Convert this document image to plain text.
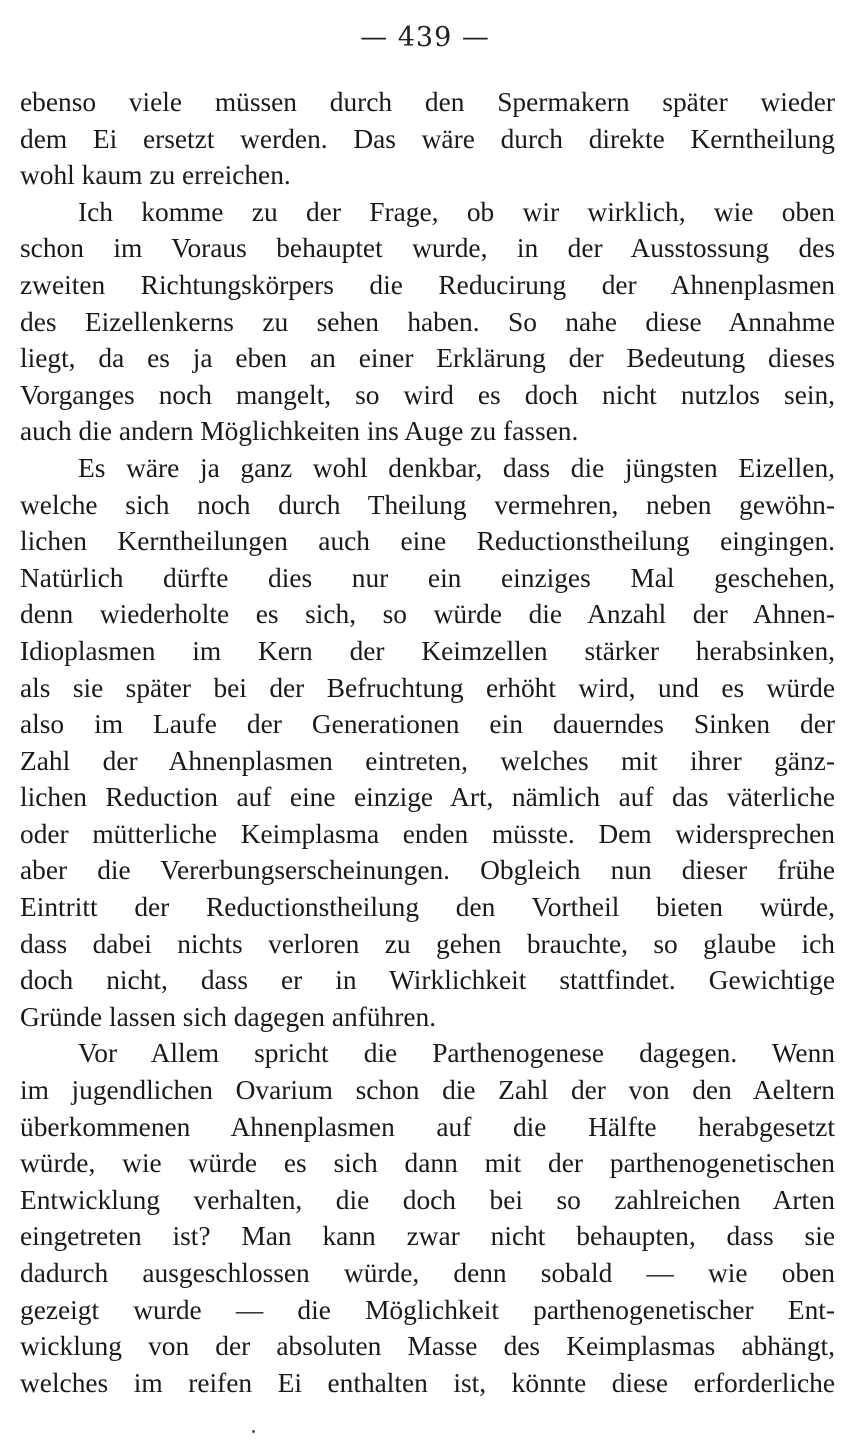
— 439 —
ebenso viele müssen durch den Spermakern später wieder
dem Ei ersetzt werden. Das wäre durch direkte Kerntheilung
wohl kaum zu erreichen.
Ich komme zu der Frage, ob wir wirklich, wie oben
schon im Voraus behauptet wurde, in der Ausstossung des
zweiten Richtungskörpers die Reducirung der Ahnenplasmen
des Eizellenkerns zu sehen haben. So nahe diese Annahme
liegt, da es ja eben an einer Erklärung der Bedeutung dieses
Vorganges noch mangelt, so wird es doch nicht nutzlos sein,
auch die andern Möglichkeiten ins Auge zu fassen.
Es wäre ja ganz wohl denkbar, dass die jüngsten Eizellen,
welche sich noch durch Theilung vermehren, neben gewöhn-
lichen Kerntheilungen auch eine Reductionstheilung eingingen.
Natürlich dürfte dies nur ein einziges Mal geschehen,
denn wiederholte es sich, so würde die Anzahl der Ahnen-
Idioplasmen im Kern der Keimzellen stärker herabsinken,
als sie später bei der Befruchtung erhöht wird, und es würde
also im Laufe der Generationen ein dauerndes Sinken der
Zahl der Ahnenplasmen eintreten, welches mit ihrer gänz-
lichen Reduction auf eine einzige Art, nämlich auf das väterliche
oder mütterliche Keimplasma enden müsste. Dem widersprechen
aber die Vererbungserscheinungen. Obgleich nun dieser frühe
Eintritt der Reductionstheilung den Vortheil bieten würde,
dass dabei nichts verloren zu gehen brauchte, so glaube ich
doch nicht, dass er in Wirklichkeit stattfindet. Gewichtige
Gründe lassen sich dagegen anführen.
Vor Allem spricht die Parthenogenese dagegen. Wenn
im jugendlichen Ovarium schon die Zahl der von den Aeltern
überkommenen Ahnenplasmen auf die Hälfte herabgesetzt
würde, wie würde es sich dann mit der parthenogenetischen
Entwicklung verhalten, die doch bei so zahlreichen Arten
eingetreten ist? Man kann zwar nicht behaupten, dass sie
dadurch ausgeschlossen würde, denn sobald — wie oben
gezeigt wurde — die Möglichkeit parthenogenetischer Ent-
wicklung von der absoluten Masse des Keimplasmas abhängt,
welches im reifen Ei enthalten ist, könnte diese erforderliche
